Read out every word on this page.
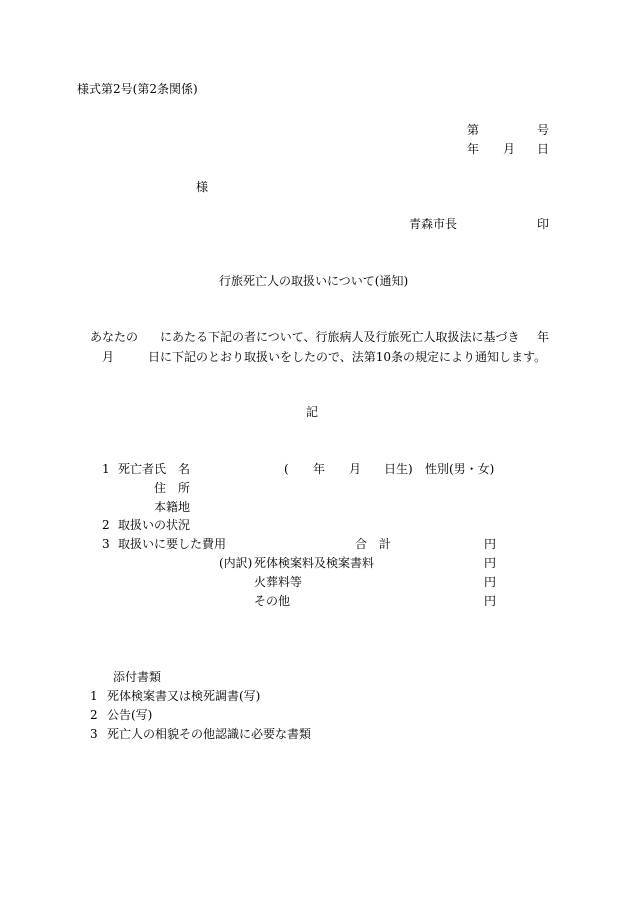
様式第2号(第2条関係)
第	号
年 月 日
様
青森市長	印
行旅死亡人の取扱いについて(通知)
あなたの にあたる下記の者について、行旅病人及行旅死亡人取扱法に基づき 年
月	日に下記のとおり取扱いをしたので、法第10条の規定により通知します。
記
1 死亡者氏　名	( 年 月 日生) 性別(男・女)
住　所
本籍地
2 取扱いの状況
3 取扱いに要した費用	合　計	円
(内訳) 死体検案料及検案書料	円
火葬料等	円
その他	円
添付書類
1 死体検案書又は検死調書(写)
2 公告(写)
3 死亡人の相貌その他認識に必要な書類
